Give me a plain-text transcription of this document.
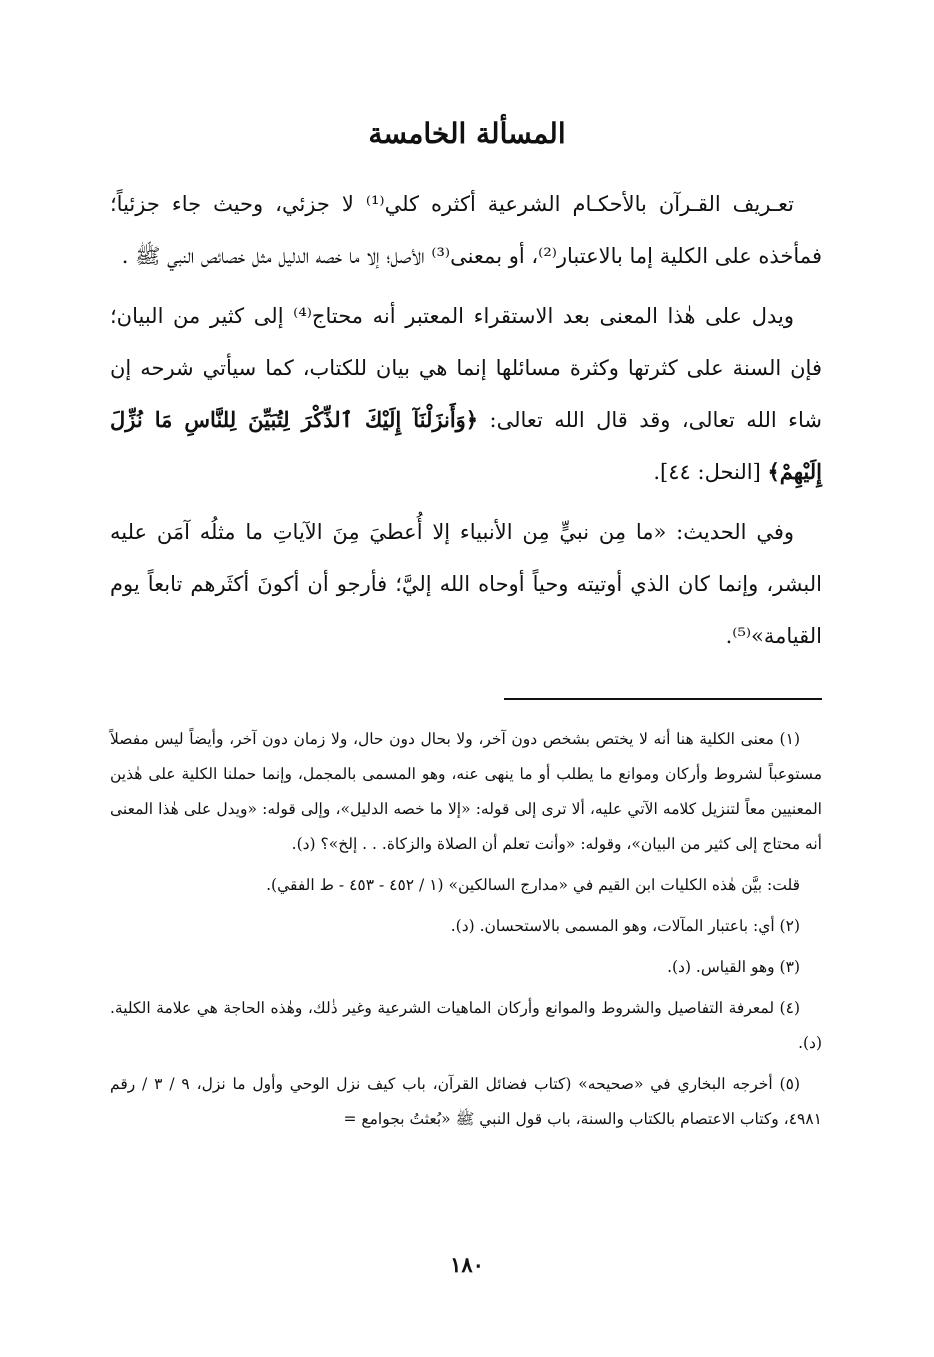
المسألة الخامسة

تعـريف القـرآن بالأحكـام الشرعية أكثره كلي⁽¹⁾ لا جزئي، وحيث جاء جزئياً؛ فمأخذه على الكلية إما بالاعتبار⁽²⁾، أو بمعنى⁽³⁾ الأصل؛ إلا ما خصه الدليل مثل خصائص النبي ﷺ .

ويدل على هٰذا المعنى بعد الاستقراء المعتبر أنه محتاج⁽⁴⁾ إلى كثير من البيان؛ فإن السنة على كثرتها وكثرة مسائلها إنما هي بيان للكتاب، كما سيأتي شرحه إن شاء الله تعالى، وقد قال الله تعالى: ﴿وَأَنزَلْنَآ إِلَيْكَ ٱلذِّكْرَ لِتُبَيِّنَ لِلنَّاسِ مَا نُزِّلَ إِلَيْهِمْ﴾ [النحل: ٤٤].

وفي الحديث: «ما مِن نبيٍّ مِن الأنبياء إلا أُعطيَ مِنَ الآياتِ ما مثلُه آمَن عليه البشر، وإنما كان الذي أوتيته وحياً أوحاه الله إليَّ؛ فأرجو أن أكونَ أكثَرهم تابعاً يوم القيامة»⁽⁵⁾.

(١) معنى الكلية هنا أنه لا يختص بشخص دون آخر، ولا بحال دون حال، ولا زمان دون آخر، وأيضاً ليس مفصلاً مستوعباً لشروط وأركان وموانع ما يطلب أو ما ينهى عنه، وهو المسمى بالمجمل، وإنما حملنا الكلية على هٰذين المعنيين معاً لتنزيل كلامه الآتي عليه، ألا ترى إلى قوله: «إلا ما خصه الدليل»، وإلى قوله: «ويدل على هٰذا المعنى أنه محتاج إلى كثير من البيان»، وقوله: «وأنت تعلم أن الصلاة والزكاة. . . إلخ»؟ (د).

قلت: بيَّن هٰذه الكليات ابن القيم في «مدارج السالكين» (١ / ٤٥٢ - ٤٥٣ - ط الفقي).

(٢) أي: باعتبار المآلات، وهو المسمى بالاستحسان. (د).

(٣) وهو القياس. (د).

(٤) لمعرفة التفاصيل والشروط والموانع وأركان الماهيات الشرعية وغير ذٰلك، وهٰذه الحاجة هي علامة الكلية. (د).

(٥) أخرجه البخاري في «صحيحه» (كتاب فضائل القرآن، باب كيف نزل الوحي وأول ما نزل، ٩ / ٣ / رقم ٤٩٨١، وكتاب الاعتصام بالكتاب والسنة، باب قول النبي ﷺ «بُعثتُ بجوامع =

١٨٠
